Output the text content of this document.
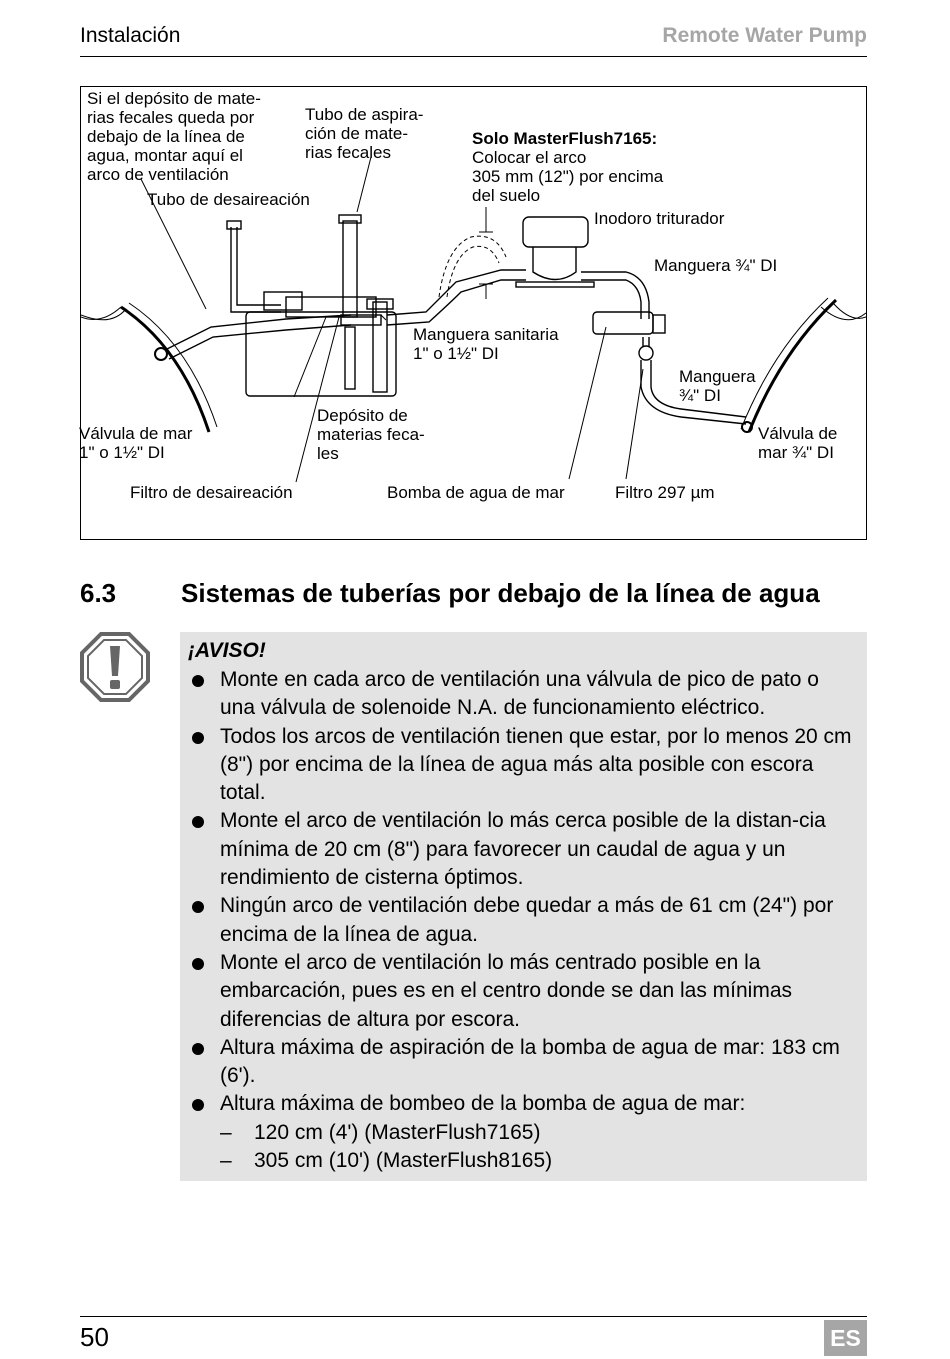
Instalación	Remote Water Pump
Si el depósito de mate-
rias fecales queda por
debajo de la línea de
agua, montar aquí el
arco de ventilación
Tubo de aspira-
ción de mate-
rias fecales
Solo MasterFlush7165:
Colocar el arco
305 mm (12") por encima
del suelo
Tubo de desaireación
Inodoro triturador
Manguera ¾" DI
Manguera sanitaria
1" o 1½" DI
Manguera
¾" DI
Válvula de mar
1" o 1½" DI
Depósito de
materias feca-
les
Válvula de
mar ¾" DI
Filtro de desaireación	Bomba de agua de mar	Filtro 297 µm
6.3 Sistemas de tuberías por debajo de la línea de agua
¡AVISO!
Monte en cada arco de ventilación una válvula de pico de pato o una válvula de solenoide N.A. de funcionamiento eléctrico.
Todos los arcos de ventilación tienen que estar, por lo menos 20 cm (8") por encima de la línea de agua más alta posible con escora total.
Monte el arco de ventilación lo más cerca posible de la distan-cia mínima de 20 cm (8") para favorecer un caudal de agua y un rendimiento de cisterna óptimos.
Ningún arco de ventilación debe quedar a más de 61 cm (24") por encima de la línea de agua.
Monte el arco de ventilación lo más centrado posible en la embarcación, pues es en el centro donde se dan las mínimas diferencias de altura por escora.
Altura máxima de aspiración de la bomba de agua de mar: 183 cm (6').
Altura máxima de bombeo de la bomba de agua de mar:
– 120 cm (4') (MasterFlush7165)
– 305 cm (10') (MasterFlush8165)
50	ES
